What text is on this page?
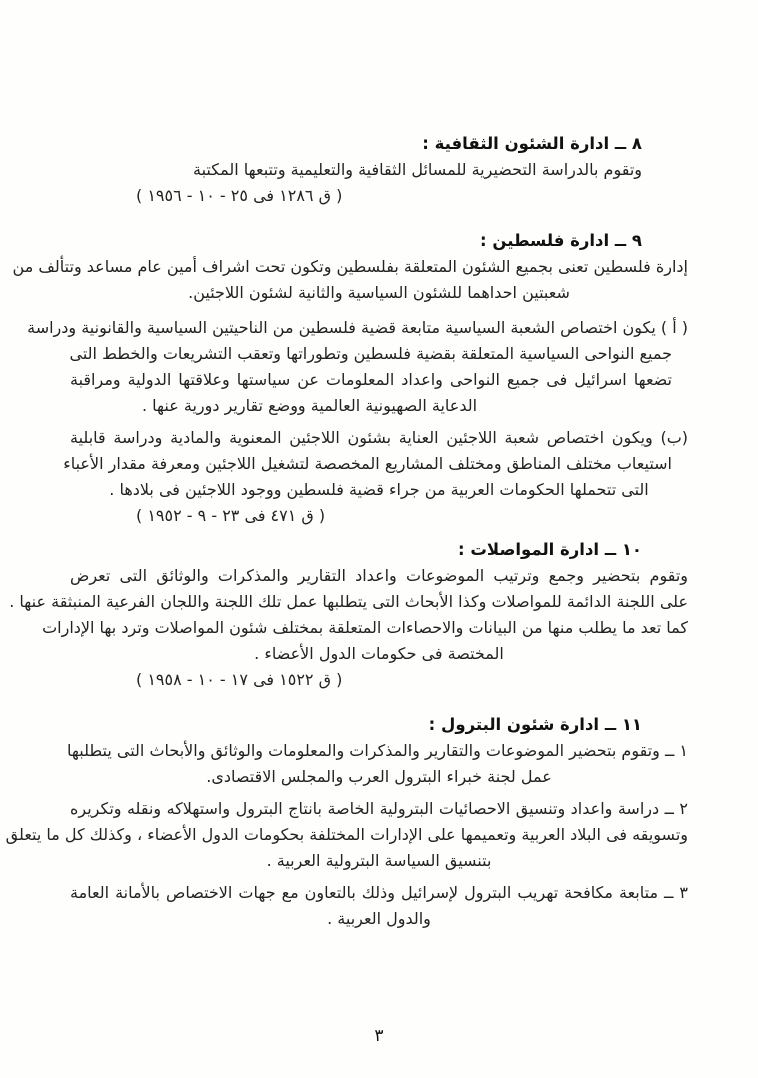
٨ ــ ادارة الشئون الثقافية :
وتقوم بالدراسة التحضيرية للمسائل الثقافية والتعليمية وتتبعها المكتبة
( ق ١٢٨٦ فى ٢٥ - ١٠ - ١٩٥٦ )
٩ ــ ادارة فلسطين :
إدارة فلسطين تعنى بجميع الشئون المتعلقة بفلسطين وتكون تحت اشراف أمين عام مساعد وتتألف من
شعبتين احداهما للشئون السياسية والثانية لشئون اللاجئين.
( أ ) يكون اختصاص الشعبة السياسية متابعة قضية فلسطين من الناحيتين السياسية والقانونية ودراسة
جميع النواحى السياسية المتعلقة بقضية فلسطين وتطوراتها وتعقب التشريعات والخطط التى
تضعها اسرائيل فى جميع النواحى واعداد المعلومات عن سياستها وعلاقتها الدولية ومراقبة
الدعاية الصهيونية العالمية ووضع تقارير دورية عنها .
(ب) ويكون اختصاص شعبة اللاجئين العناية بشئون اللاجئين المعنوية والمادية ودراسة قابلية
استيعاب مختلف المناطق ومختلف المشاريع المخصصة لتشغيل اللاجئين ومعرفة مقدار الأعباء
التى تتحملها الحكومات العربية من جراء قضية فلسطين ووجود اللاجئين فى بلادها .
( ق ٤٧١ فى ٢٣ - ٩ - ١٩٥٢ )
١٠ ــ ادارة المواصلات :
وتقوم بتحضير وجمع وترتيب الموضوعات واعداد التقارير والمذكرات والوثائق التى تعرض
على اللجنة الدائمة للمواصلات وكذا الأبحاث التى يتطلبها عمل تلك اللجنة واللجان الفرعية المنبثقة عنها .
كما تعد ما يطلب منها من البيانات والاحصاءات المتعلقة بمختلف شئون المواصلات وترد بها الإدارات
المختصة فى حكومات الدول الأعضاء .
( ق ١٥٢٢ فى ١٧ - ١٠ - ١٩٥٨ )
١١ ــ ادارة شئون البترول :
١ ــ وتقوم بتحضير الموضوعات والتقارير والمذكرات والمعلومات والوثائق والأبحاث التى يتطلبها
عمل لجنة خبراء البترول العرب والمجلس الاقتصادى.
٢ ــ دراسة واعداد وتنسيق الاحصائيات البترولية الخاصة بانتاج البترول واستهلاكه ونقله وتكريره
وتسويقه فى البلاد العربية وتعميمها على الإدارات المختلفة بحكومات الدول الأعضاء ، وكذلك كل ما يتعلق
بتنسيق السياسة البترولية العربية .
٣ ــ متابعة مكافحة تهريب البترول لإسرائيل وذلك بالتعاون مع جهات الاختصاص بالأمانة العامة
والدول العربية .
٣
